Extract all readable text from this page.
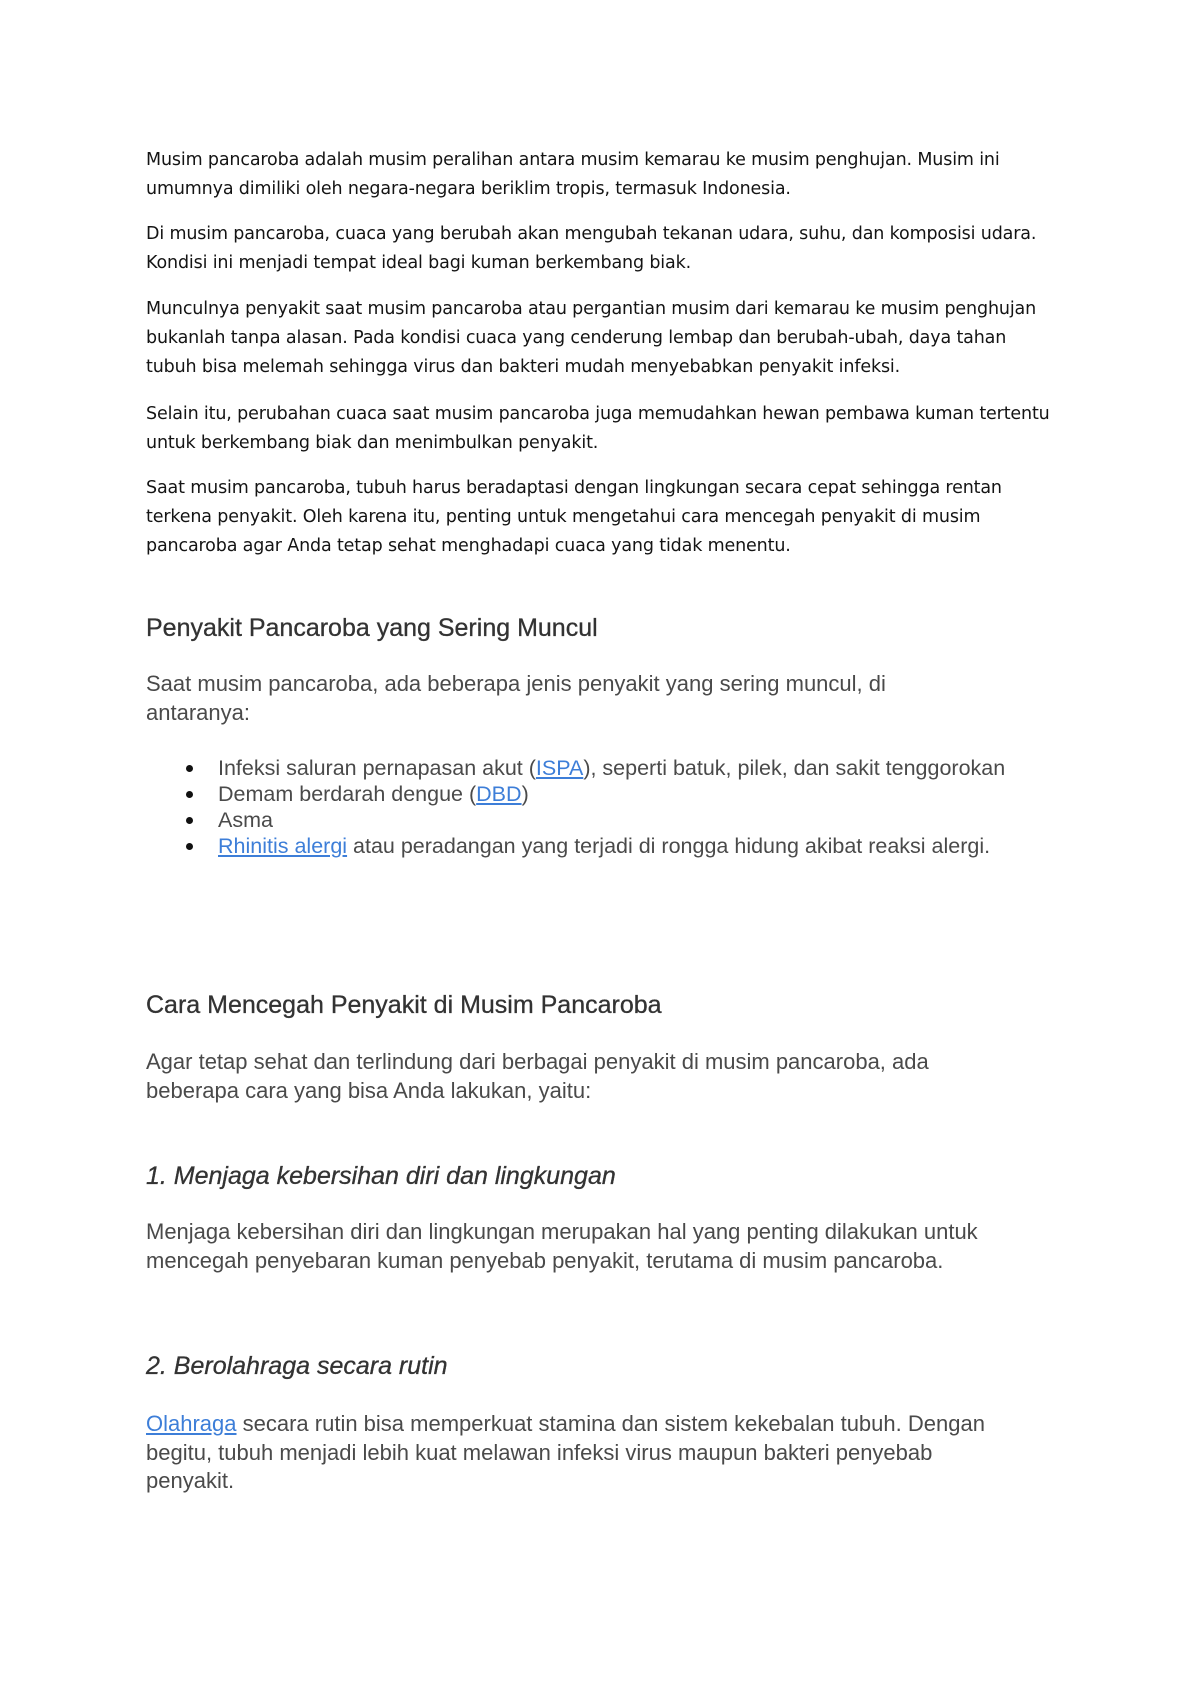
Musim pancaroba adalah musim peralihan antara musim kemarau ke musim penghujan. Musim ini umumnya dimiliki oleh negara-negara beriklim tropis, termasuk Indonesia.

Di musim pancaroba, cuaca yang berubah akan mengubah tekanan udara, suhu, dan komposisi udara. Kondisi ini menjadi tempat ideal bagi kuman berkembang biak.

Munculnya penyakit saat musim pancaroba atau pergantian musim dari kemarau ke musim penghujan bukanlah tanpa alasan. Pada kondisi cuaca yang cenderung lembap dan berubah-ubah, daya tahan tubuh bisa melemah sehingga virus dan bakteri mudah menyebabkan penyakit infeksi.

Selain itu, perubahan cuaca saat musim pancaroba juga memudahkan hewan pembawa kuman tertentu untuk berkembang biak dan menimbulkan penyakit.

Saat musim pancaroba, tubuh harus beradaptasi dengan lingkungan secara cepat sehingga rentan terkena penyakit. Oleh karena itu, penting untuk mengetahui cara mencegah penyakit di musim pancaroba agar Anda tetap sehat menghadapi cuaca yang tidak menentu.

Penyakit Pancaroba yang Sering Muncul

Saat musim pancaroba, ada beberapa jenis penyakit yang sering muncul, di antaranya:

Infeksi saluran pernapasan akut (ISPA), seperti batuk, pilek, dan sakit tenggorokan
Demam berdarah dengue (DBD)
Asma
Rhinitis alergi atau peradangan yang terjadi di rongga hidung akibat reaksi alergi.
Cara Mencegah Penyakit di Musim Pancaroba

Agar tetap sehat dan terlindung dari berbagai penyakit di musim pancaroba, ada beberapa cara yang bisa Anda lakukan, yaitu:

1. Menjaga kebersihan diri dan lingkungan

Menjaga kebersihan diri dan lingkungan merupakan hal yang penting dilakukan untuk mencegah penyebaran kuman penyebab penyakit, terutama di musim pancaroba.

2. Berolahraga secara rutin

Olahraga secara rutin bisa memperkuat stamina dan sistem kekebalan tubuh. Dengan begitu, tubuh menjadi lebih kuat melawan infeksi virus maupun bakteri penyebab penyakit.
